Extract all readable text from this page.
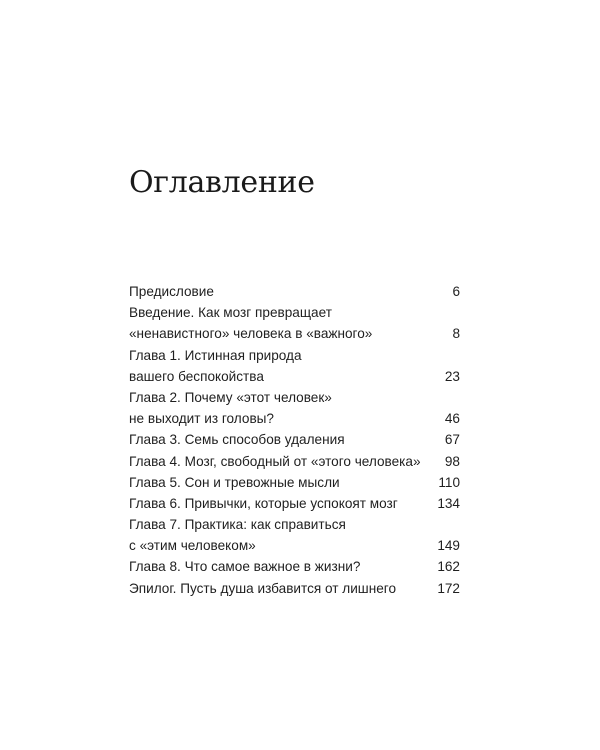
Оглавление
Предисловие	6
Введение. Как мозг превращает
«ненавистного» человека в «важного»	8
Глава 1. Истинная природа
вашего беспокойства	23
Глава 2. Почему «этот человек»
не выходит из головы?	46
Глава 3. Семь способов удаления	67
Глава 4. Мозг, свободный от «этого человека»	98
Глава 5. Сон и тревожные мысли	110
Глава 6. Привычки, которые успокоят мозг	134
Глава 7. Практика: как справиться
с «этим человеком»	149
Глава 8. Что самое важное в жизни?	162
Эпилог. Пусть душа избавится от лишнего	172
